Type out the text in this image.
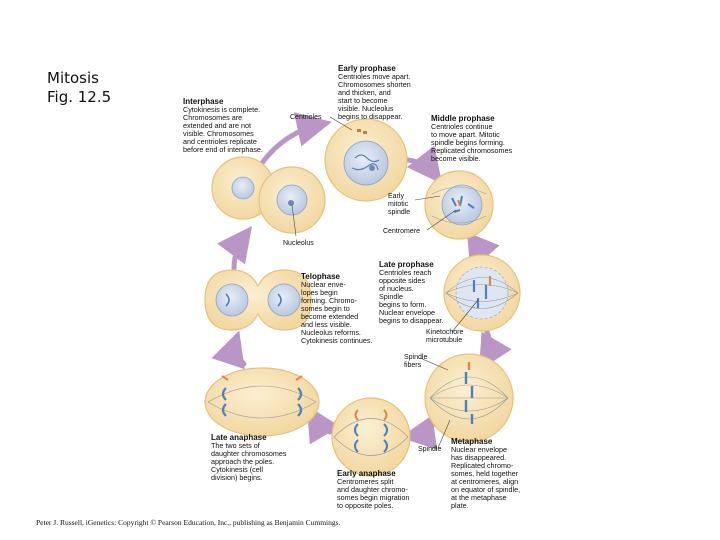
Mitosis
Fig. 12.5	Interphase
Cytokinesis is complete.
Chromosomes are
extended and are not
visible. Chromosomes
and centrioles replicate
before end of interphase.
Early prophase
Centrioles move apart.
Chromosomes shorten
and thicken, and
start to become
visible. Nucleolus
begins to disappear.	Middle prophase
Centrioles continue
to move apart. Mitotic
spindle begins forming.
Replicated chromosomes
become visible.
Late prophase
Centrioles reach
opposite sides
of nucleus.
Spindle
begins to form.
Nuclear envelope
begins to disappear.
Metaphase
Nuclear envelope
has disappeared.
Replicated chromo-
somes, held together
at centromeres, align
on equator of spindle,
at the metaphase
plate.
Early anaphase
Centromeres split
and daughter chromo-
somes begin migration
to opposite poles.
Late anaphase
The two sets of
daughter chromosomes
approach the poles.
Cytokinesis (cell
division) begins.
Telophase
Nuclear enve-
lopes begin
forming. Chromo-
somes begin to
become extended
and less visible.
Nucleolus reforms.
Cytokinesis continues.
Centrioles
Nucleolus
Early
mitotic
spindle
Centromere
Kinetochore
microtubule
Spindle
fibers
Spindle
Peter J. Russell, iGenetics: Copyright © Pearson Education, Inc., publishing as Benjamin Cummings.
